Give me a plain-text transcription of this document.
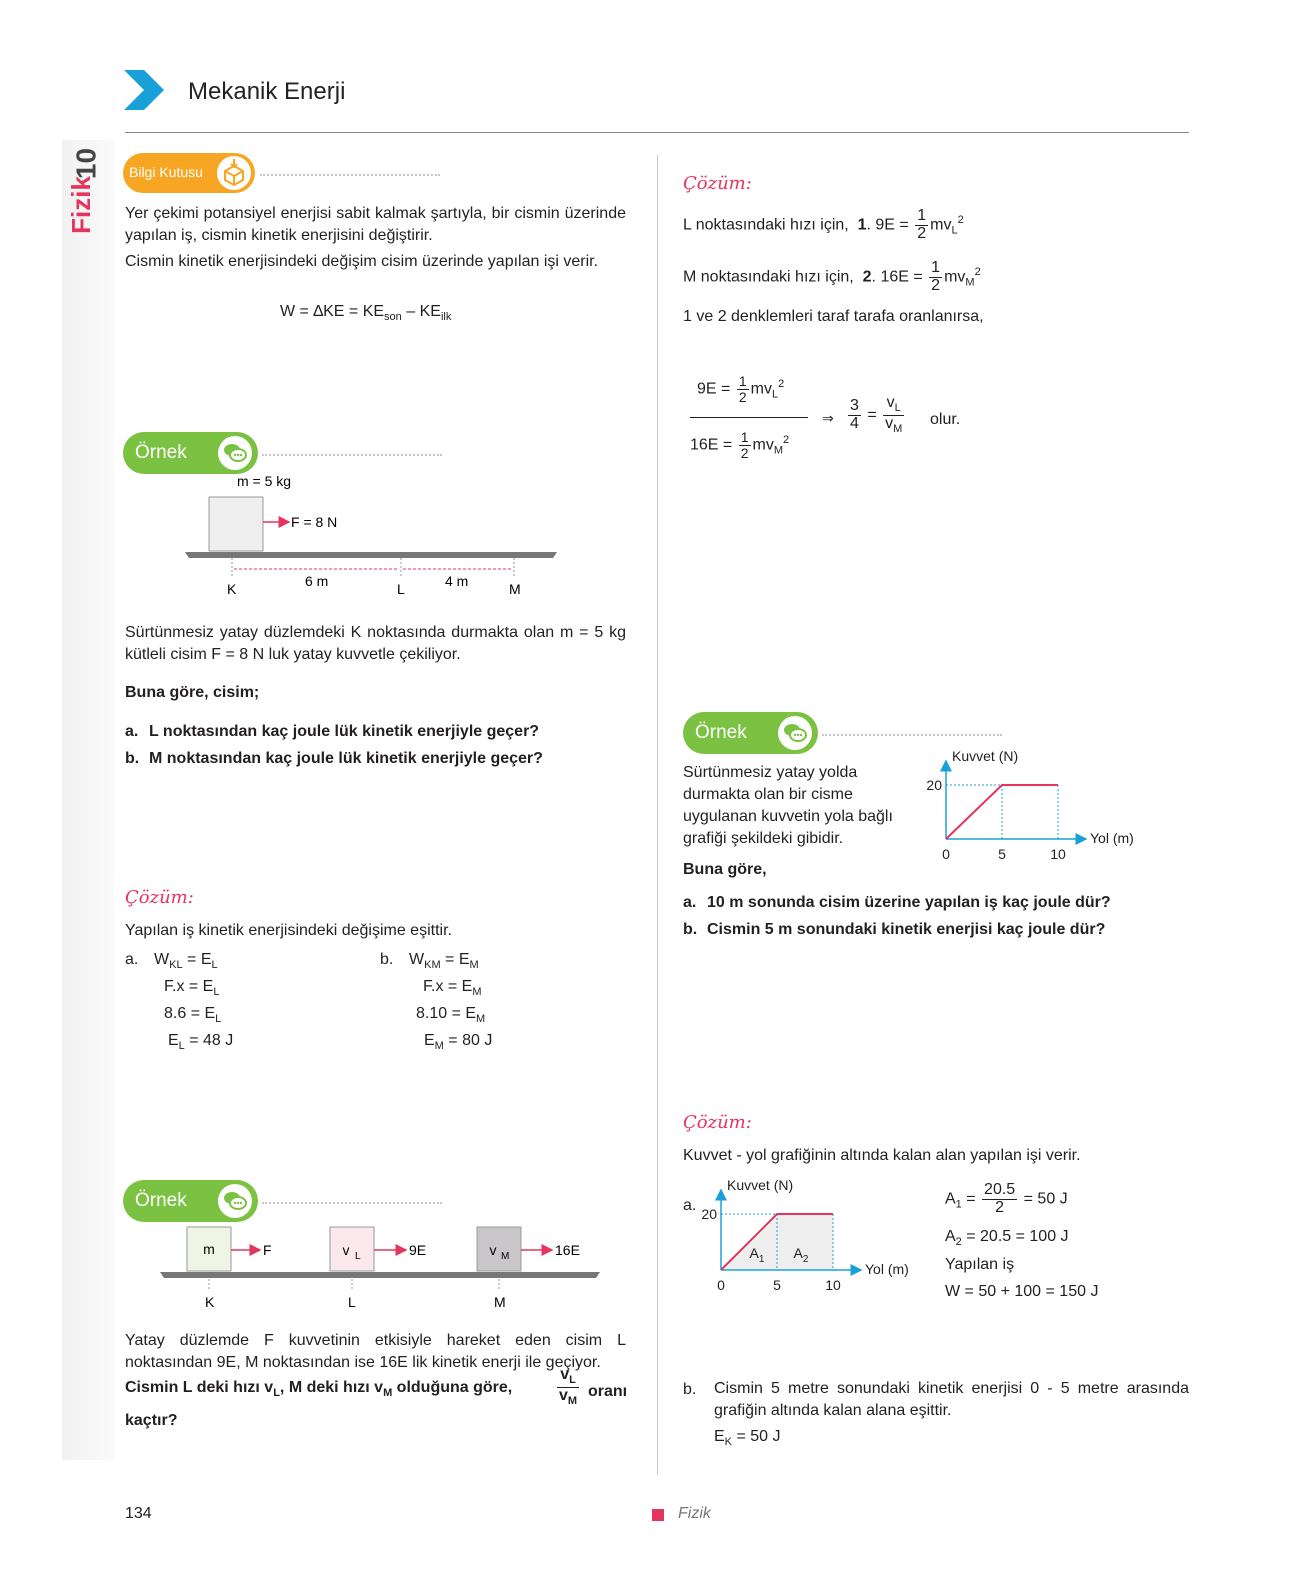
Fizik
10
Mekanik Enerji
Bilgi Kutusu
Yer çekimi potansiyel enerjisi sabit kalmak şartıyla, bir cismin üzerinde yapılan iş, cismin kinetik enerjisini değiştirir.
Cismin kinetik enerjisindeki değişim cisim üzerinde yapılan işi verir.
$W = \Delta KE = KE_{son} - KE_{ilk}$
Örnek
m = 5 kg
F = 8 N
6 m	4 m
K	L	M
Sürtünmesiz yatay düzlemdeki K noktasında durmakta olan m = 5 kg kütleli cisim F = 8 N luk yatay kuvvetle çekiliyor.
Buna göre, cisim;
a. L noktasından kaç joule lük kinetik enerjiyle geçer?
b. M noktasından kaç joule lük kinetik enerjiyle geçer?
Çözüm:
Yapılan iş kinetik enerjisindeki değişime eşittir.
a. $W_{KL} = E_L$
$F.x = E_L$
$8.6 = E_L$
$E_L = 48$ J
b. $W_{KM} = E_M$
$F.x = E_M$
$8.10 = E_M$
$E_M = 80$ J
Örnek
m	F	v L	9E	v M	16E
K	L	M
Yatay düzlemde F kuvvetinin etkisiyle hareket eden cisim L noktasından 9E, M noktasından ise 16E lik kinetik enerji ile geçiyor.
Cismin L deki hızı $v_L$, M deki hızı $v_M$ olduğuna göre,	$\frac{v_L}{v_M}$ oranı
kaçtır?
Çözüm:
L noktasındaki hızı için, 1. $9E = \frac{1}{2} mv_L^2$
M noktasındaki hızı için, 2. $16E = \frac{1}{2} mv_M^2$
1 ve 2 denklemleri taraf tarafa oranlanırsa,
$9E = \frac{1}{2} mv_L^2$
$16E = \frac{1}{2} mv_M^2$
⇒ $\frac{3}{4} = \frac{v_L}{v_M}$ olur.
Örnek
Sürtünmesiz yatay yolda durmakta olan bir cisme uygulanan kuvvetin yola bağlı grafiği şekildeki gibidir.
0	5	10
20
Kuvvet (N)
Yol (m)
Buna göre,
a. 10 m sonunda cisim üzerine yapılan iş kaç joule dür?
b. Cismin 5 m sonundaki kinetik enerjisi kaç joule dür?
Çözüm:
Kuvvet - yol grafiğinin altında kalan alan yapılan işi verir.
a.
0	5	10
20
Kuvvet (N)
Yol (m)
$A_1$ $A_2$
$A_1 = \frac{20.5}{2} = 50$ J
$A_2 = 20.5 = 100$ J
Yapılan iş
W = 50 + 100 = 150 J
b. Cismin 5 metre sonundaki kinetik enerjisi 0 - 5 metre arasında grafiğin altında kalan alana eşittir.
$E_K = 50$ J
134	Fizik
